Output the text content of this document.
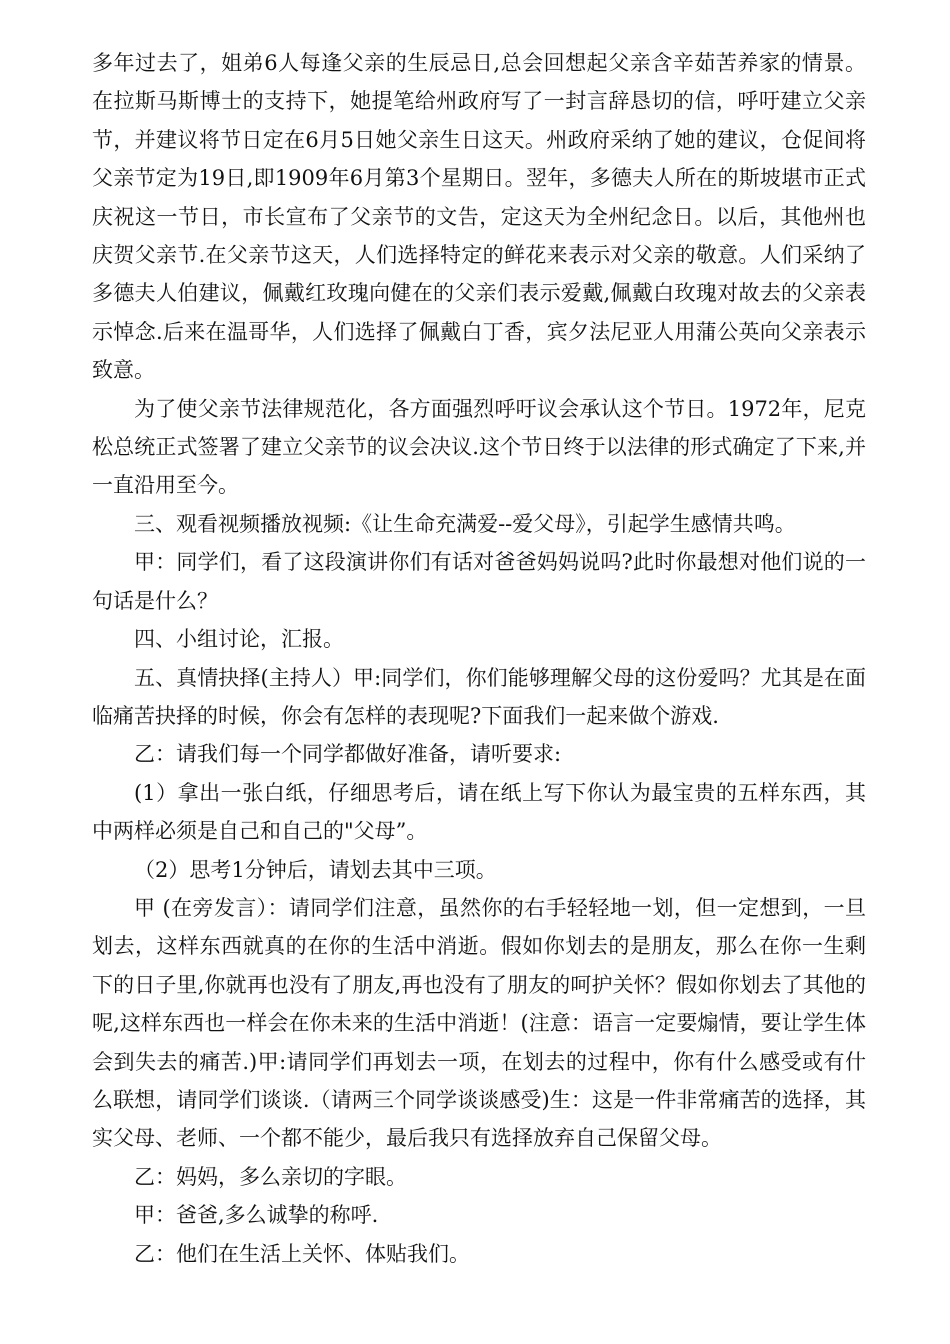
多年过去了，姐弟6人每逢父亲的生辰忌日,总会回想起父亲含辛茹苦养家的情景。在拉斯马斯博士的支持下，她提笔给州政府写了一封言辞恳切的信，呼吁建立父亲节，并建议将节日定在6月5日她父亲生日这天。州政府采纳了她的建议，仓促间将父亲节定为19日,即1909年6月第3个星期日。翌年，多德夫人所在的斯坡堪市正式庆祝这一节日，市长宣布了父亲节的文告，定这天为全州纪念日。以后，其他州也庆贺父亲节.在父亲节这天，人们选择特定的鲜花来表示对父亲的敬意。人们采纳了多德夫人伯建议，佩戴红玫瑰向健在的父亲们表示爱戴,佩戴白玫瑰对故去的父亲表示悼念.后来在温哥华，人们选择了佩戴白丁香，宾夕法尼亚人用蒲公英向父亲表示致意。

为了使父亲节法律规范化，各方面强烈呼吁议会承认这个节日。1972年，尼克松总统正式签署了建立父亲节的议会决议.这个节日终于以法律的形式确定了下来,并一直沿用至今。

三、观看视频播放视频:《让生命充满爱--爱父母》，引起学生感情共鸣。

甲：同学们，看了这段演讲你们有话对爸爸妈妈说吗?此时你最想对他们说的一句话是什么？

四、小组讨论，汇报。

五、真情抉择(主持人）甲:同学们，你们能够理解父母的这份爱吗？尤其是在面临痛苦抉择的时候，你会有怎样的表现呢?下面我们一起来做个游戏.

乙：请我们每一个同学都做好准备，请听要求:

(1）拿出一张白纸，仔细思考后，请在纸上写下你认为最宝贵的五样东西，其中两样必须是自己和自己的"父母”。

（2）思考1分钟后，请划去其中三项。

甲 (在旁发言）：请同学们注意，虽然你的右手轻轻地一划，但一定想到，一旦划去，这样东西就真的在你的生活中消逝。假如你划去的是朋友，那么在你一生剩下的日子里,你就再也没有了朋友,再也没有了朋友的呵护关怀？假如你划去了其他的呢,这样东西也一样会在你未来的生活中消逝！(注意：语言一定要煽情，要让学生体会到失去的痛苦.)甲:请同学们再划去一项，在划去的过程中，你有什么感受或有什么联想，请同学们谈谈.（请两三个同学谈谈感受)生：这是一件非常痛苦的选择，其实父母、老师、一个都不能少，最后我只有选择放弃自己保留父母。

乙：妈妈，多么亲切的字眼。

甲：爸爸,多么诚挚的称呼.

乙：他们在生活上关怀、体贴我们。
